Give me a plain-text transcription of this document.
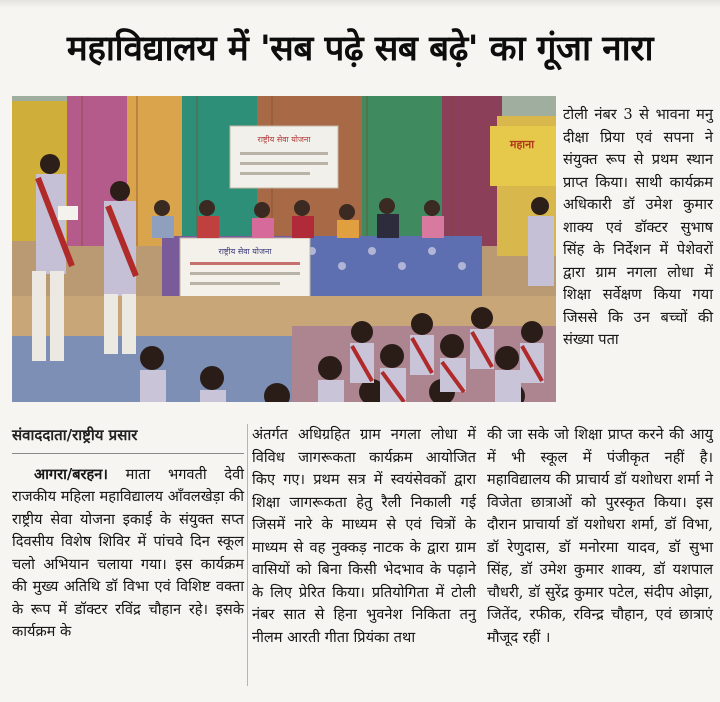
महाविद्यालय में 'सब पढ़े सब बढ़े' का गूंजा नारा
राष्ट्रीय सेवा योजना	महाना
राष्ट्रीय सेवा योजना

टोली नंबर 3 से भावना मनु दीक्षा प्रिया एवं सपना ने संयुक्त रूप से प्रथम स्थान प्राप्त किया। साथी कार्यक्रम अधिकारी डॉ उमेश कुमार शाक्य एवं डॉक्टर सुभाष सिंह के निर्देशन में पेशेवरों द्वारा ग्राम नगला लोधा में शिक्षा सर्वेक्षण किया गया जिससे कि उन बच्चों की संख्या पता

संवाददाता/राष्ट्रीय प्रसार

आगरा/बरहन। माता भगवती देवी राजकीय महिला महाविद्यालय आँवलखेड़ा की राष्ट्रीय सेवा योजना इकाई के संयुक्त सप्त दिवसीय विशेष शिविर में पांचवे दिन स्कूल चलो अभियान चलाया गया। इस कार्यक्रम की मुख्य अतिथि डॉ विभा एवं विशिष्ट वक्ता के रूप में डॉक्टर रविंद्र चौहान रहे। इसके कार्यक्रम के

अंतर्गत अधिग्रहित ग्राम नगला लोधा में विविध जागरूकता कार्यक्रम आयोजित किए गए। प्रथम सत्र में स्वयंसेवकों द्वारा शिक्षा जागरूकता हेतु रैली निकाली गई जिसमें नारे के माध्यम से एवं चित्रों के माध्यम से वह नुक्कड़ नाटक के द्वारा ग्राम वासियों को बिना किसी भेदभाव के पढ़ाने के लिए प्रेरित किया। प्रतियोगिता में टोली नंबर सात से हिना भुवनेश निकिता तनु नीलम आरती गीता प्रियंका तथा

की जा सके जो शिक्षा प्राप्त करने की आयु में भी स्कूल में पंजीकृत नहीं है। महाविद्यालय की प्राचार्य डॉ यशोधरा शर्मा ने विजेता छात्राओं को पुरस्कृत किया। इस दौरान प्राचार्या डॉ यशोधरा शर्मा, डॉ विभा, डॉ रेणुदास, डॉ मनोरमा यादव, डॉ सुभा सिंह, डॉ उमेश कुमार शाक्य, डॉ यशपाल चौधरी, डॉ सुरेंद्र कुमार पटेल, संदीप ओझा, जितेंद, रफीक, रविन्द्र चौहान, एवं छात्राएं मौजूद रहीं ।
